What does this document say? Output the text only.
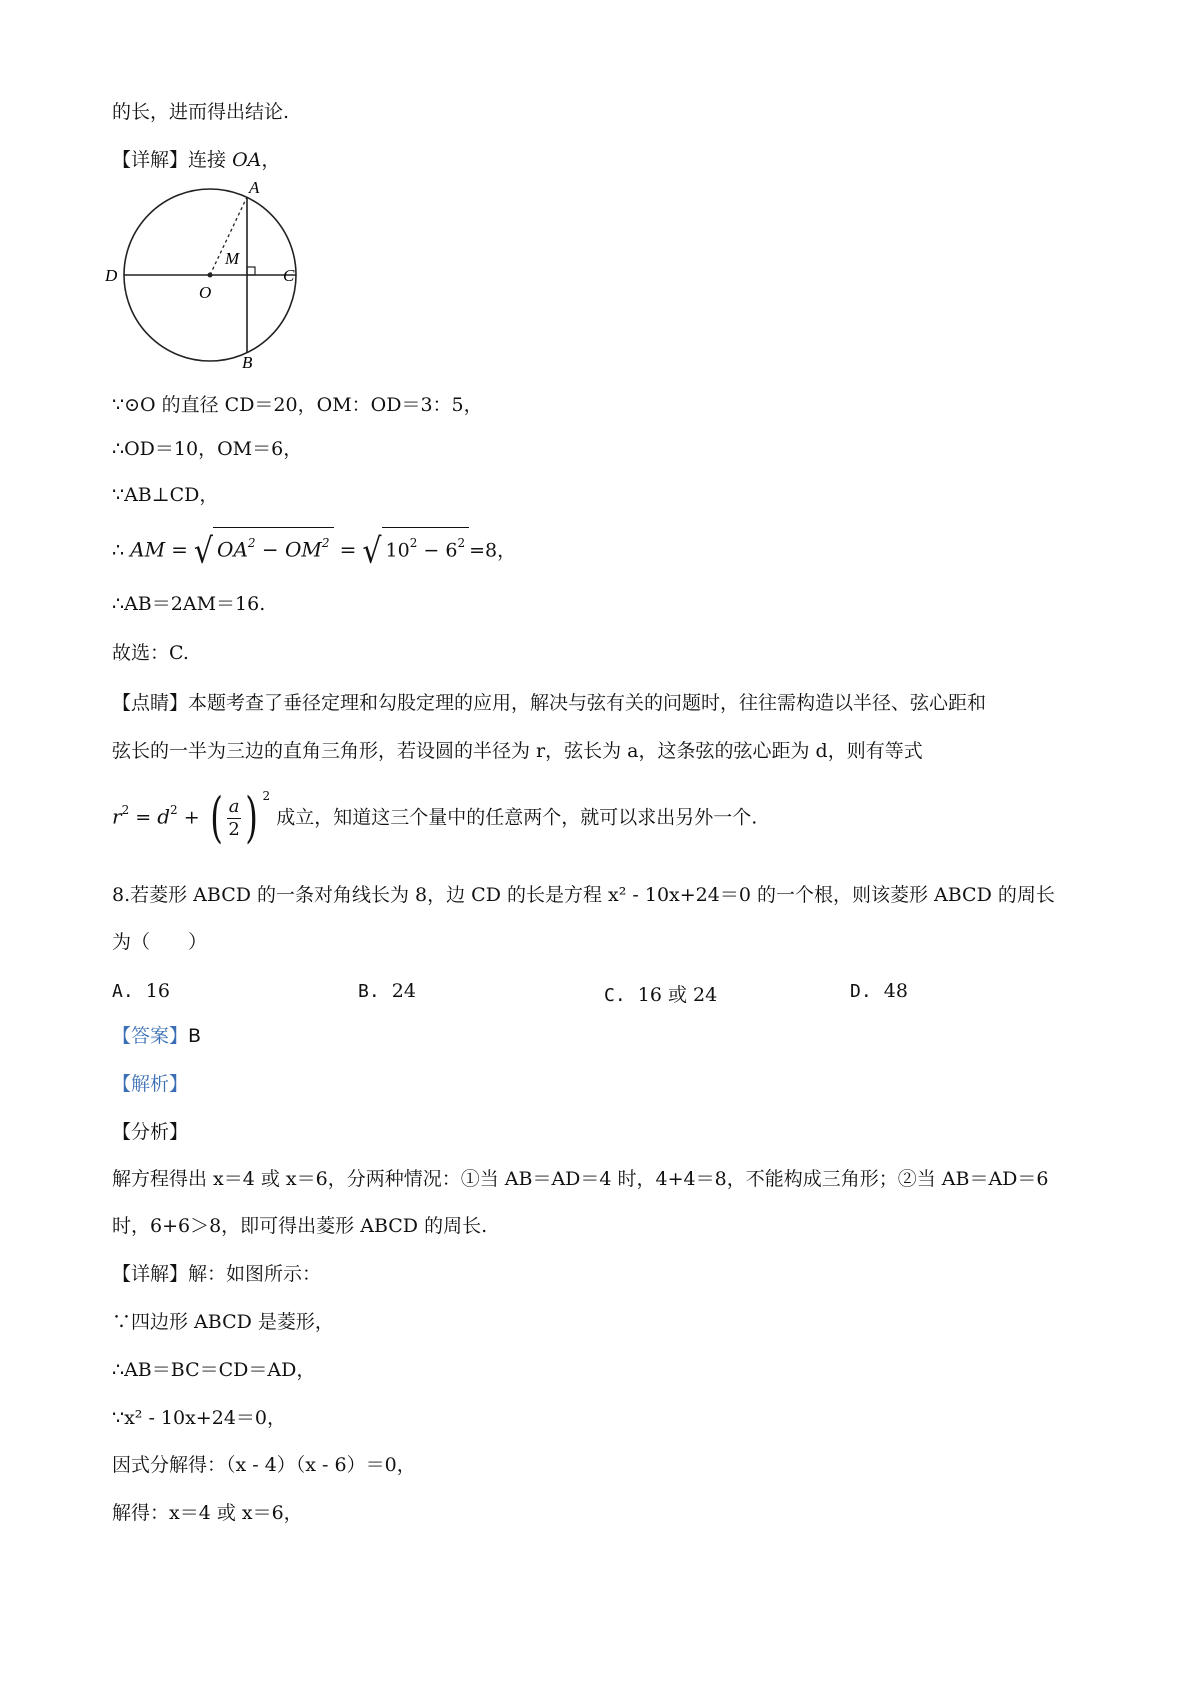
的长，进而得出结论.
【详解】连接 OA，
A
B
C
D
O
M
∵⊙O 的直径 CD＝20，OM：OD＝3：5，
∴OD＝10，OM＝6，
∵AB⊥CD，
∴ AM = √ $OA^2 - OM^2$ = √ $10^2 - 6^2 =8$，
∴AB＝2AM＝16.
故选：C.
【点睛】本题考查了垂径定理和勾股定理的应用，解决与弦有关的问题时，往往需构造以半径、弦心距和
弦长的一半为三边的直角三角形，若设圆的半径为 r，弦长为 a，这条弦的弦心距为 d，则有等式
$r^2 = d^2$ + ( $\frac{a}{2}$ ) $^2$ 成立，知道这三个量中的任意两个，就可以求出另外一个.
8.若菱形 ABCD 的一条对角线长为 8，边 CD 的长是方程 x² - 10x+24＝0 的一个根，则该菱形 ABCD 的周长
为（　　）
A. 16	B. 24	C. 16 或 24	D. 48
【答案】B
【解析】
【分析】
解方程得出 x＝4 或 x＝6，分两种情况：①当 AB＝AD＝4 时，4+4＝8，不能构成三角形；②当 AB＝AD＝6
时，6+6＞8，即可得出菱形 ABCD 的周长.
【详解】解：如图所示：
∵四边形 ABCD 是菱形，
∴AB＝BC＝CD＝AD，
∵x² - 10x+24＝0，
因式分解得：（x - 4）（x - 6）＝0，
解得：x＝4 或 x＝6，
